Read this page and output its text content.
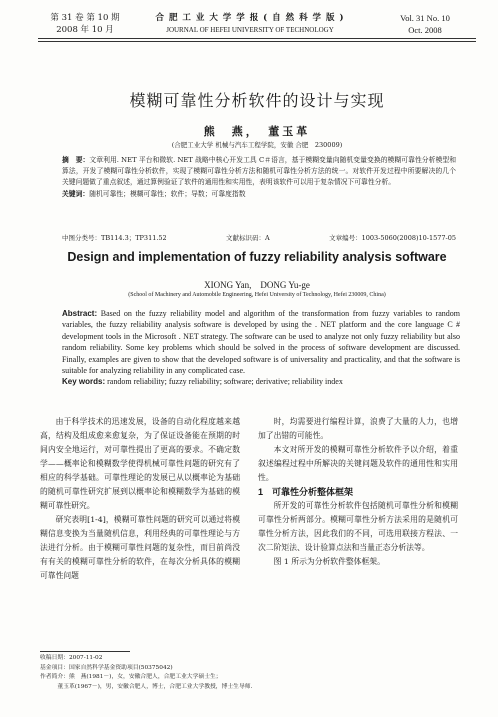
第 31 卷 第 10 期
2008 年 10 月
合 肥 工 业 大 学 学 报 ( 自 然 科 学 版 )
JOURNAL OF HEFEI UNIVERSITY OF TECHNOLOGY
Vol. 31 No. 10
Oct. 2008
模糊可靠性分析软件的设计与实现
熊　燕，　董玉革
(合肥工业大学 机械与汽车工程学院，安徽 合肥　230009)
摘　要：文章利用. NET 平台和微软. NET 战略中核心开发工具 C＃语言，基于模糊变量向随机变量变换的模糊可靠性分析模型和算法，开发了模糊可靠性分析软件，实现了模糊可靠性分析方法和随机可靠性分析方法的统一。对软件开发过程中所要解决的几个关键问题做了重点叙述，通过算例验证了软件的通用性和实用性，表明该软件可以用于复杂情况下可靠性分析。
关键词：随机可靠性；模糊可靠性；软件；导数；可靠度指数
中图分类号：TB114.3；TP311.52	文献标识码：A	文章编号：1003-5060(2008)10-1577-05
Design and implementation of fuzzy reliability analysis software
XIONG Yan,　DONG Yu-ge
(School of Machinery and Automobile Engineering, Hefei University of Technology, Hefei 230009, China)
Abstract: Based on the fuzzy reliability model and algorithm of the transformation from fuzzy variables to random variables, the fuzzy reliability analysis software is developed by using the . NET platform and the core language C # development tools in the Microsoft . NET strategy. The software can be used to analyze not only fuzzy reliability but also random reliability. Some key problems which should be solved in the process of software development are discussed. Finally, examples are given to show that the developed software is of universality and practicality, and that the software is suitable for analyzing reliability in any complicated case.
Key words: random reliability; fuzzy reliability; software; derivative; reliability index

由于科学技术的迅速发展，设备的自动化程度越来越高，结构及组成愈来愈复杂，为了保证设备能在预期的时间内安全地运行，对可靠性提出了更高的要求。不确定数学——概率论和模糊数学使得机械可靠性问题的研究有了相应的科学基础。可靠性理论的发展已从以概率论为基础的随机可靠性研究扩展到以概率论和模糊数学为基础的模糊可靠性研究。

研究表明[1-4]，模糊可靠性问题的研究可以通过将模糊信息变换为当量随机信息，利用经典的可靠性理论与方法进行分析。由于模糊可靠性问题的复杂性，而目前尚没有有关的模糊可靠性分析的软件，在每次分析具体的模糊可靠性问题

时，均需要进行编程计算，浪费了大量的人力，也增加了出错的可能性。

本文对所开发的模糊可靠性分析软件予以介绍，着重叙述编程过程中所解决的关键问题及软件的通用性和实用性。

1　可靠性分析整体框架

所开发的可靠性分析软件包括随机可靠性分析和模糊可靠性分析两部分。模糊可靠性分析方法采用的是随机可靠性分析方法，因此我们的不同，可选用联接方程法、一次二阶矩法、设计验算点法和当量正态分析法等。

图 1 所示为分析软件整体框架。

收稿日期：2007-11-02
基金项目：国家自然科学基金资助项目(50375042)
作者简介：熊　燕(1981－)，女，安徽合肥人，合肥工业大学硕士生；
董玉革(1967－)，男，安徽合肥人，博士，合肥工业大学教授，博士生导师.
